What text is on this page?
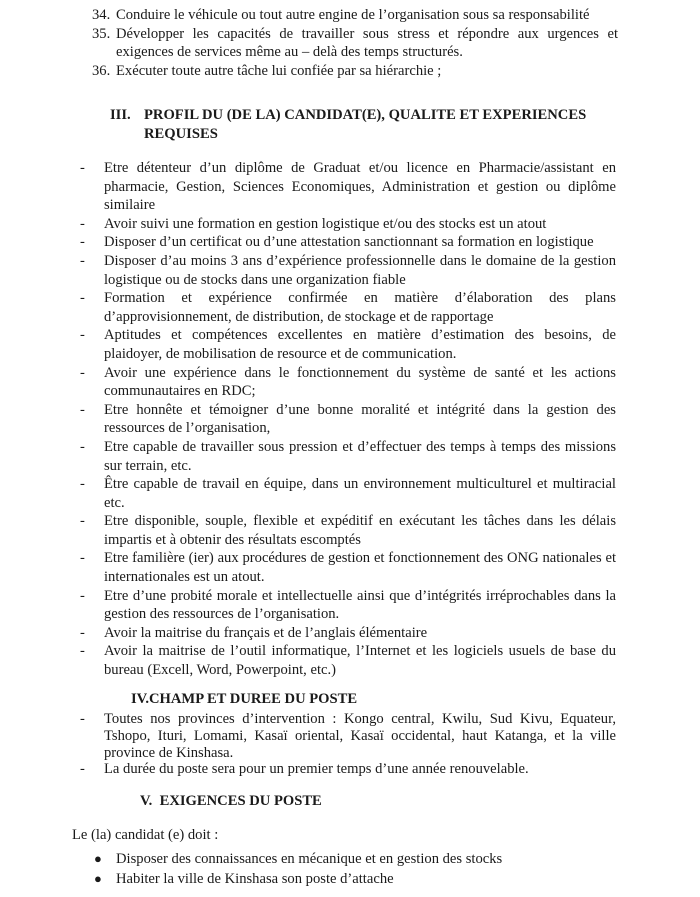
34. Conduire le véhicule ou tout autre engine de l’organisation sous sa responsabilité
35. Développer les capacités de travailler sous stress et répondre aux urgences et exigences de services même au – delà des temps structurés.
36. Exécuter toute autre tâche lui confiée par sa hiérarchie ;
III. PROFIL DU (DE LA) CANDIDAT(E), QUALITE ET EXPERIENCES REQUISES
- Etre détenteur d’un diplôme de Graduat et/ou licence en Pharmacie/assistant en pharmacie, Gestion, Sciences Economiques, Administration et gestion ou diplôme similaire
- Avoir suivi une formation en gestion logistique et/ou des stocks est un atout
- Disposer d’un certificat ou d’une attestation sanctionnant sa formation en logistique
- Disposer d’au moins 3 ans d’expérience professionnelle dans le domaine de la gestion logistique ou de stocks dans une organization fiable
- Formation et expérience confirmée en matière d’élaboration des plans d’approvisionnement, de distribution, de stockage et de rapportage
- Aptitudes et compétences excellentes en matière d’estimation des besoins, de plaidoyer, de mobilisation de resource et de communication.
- Avoir une expérience dans le fonctionnement du système de santé et les actions communautaires en RDC;
- Etre honnête et témoigner d’une bonne moralité et intégrité dans la gestion des ressources de l’organisation,
- Etre capable de travailler sous pression et d’effectuer des temps à temps des missions sur terrain, etc.
- Être capable de travail en équipe, dans un environnement multiculturel et multiracial etc.
- Etre disponible, souple, flexible et expéditif en exécutant les tâches dans les délais impartis et à obtenir des résultats escomptés
- Etre familière (ier) aux procédures de gestion et fonctionnement des ONG nationales et internationales est un atout.
- Etre d’une probité morale et intellectuelle ainsi que d’intégrités irréprochables dans la gestion des ressources de l’organisation.
- Avoir la maitrise du français et de l’anglais élémentaire
- Avoir la maitrise de l’outil informatique, l’Internet et les logiciels usuels de base du bureau (Excell, Word, Powerpoint, etc.)
IV.CHAMP ET DUREE DU POSTE
- Toutes nos provinces d’intervention : Kongo central, Kwilu, Sud Kivu, Equateur, Tshopo, Ituri, Lomami, Kasaï oriental, Kasaï occidental, haut Katanga, et la ville province de Kinshasa.
- La durée du poste sera pour un premier temps d’une année renouvelable.
V.  EXIGENCES DU POSTE
Le (la) candidat (e) doit :
● Disposer des connaissances en mécanique et en gestion des stocks
● Habiter la ville de Kinshasa son poste d’attache
